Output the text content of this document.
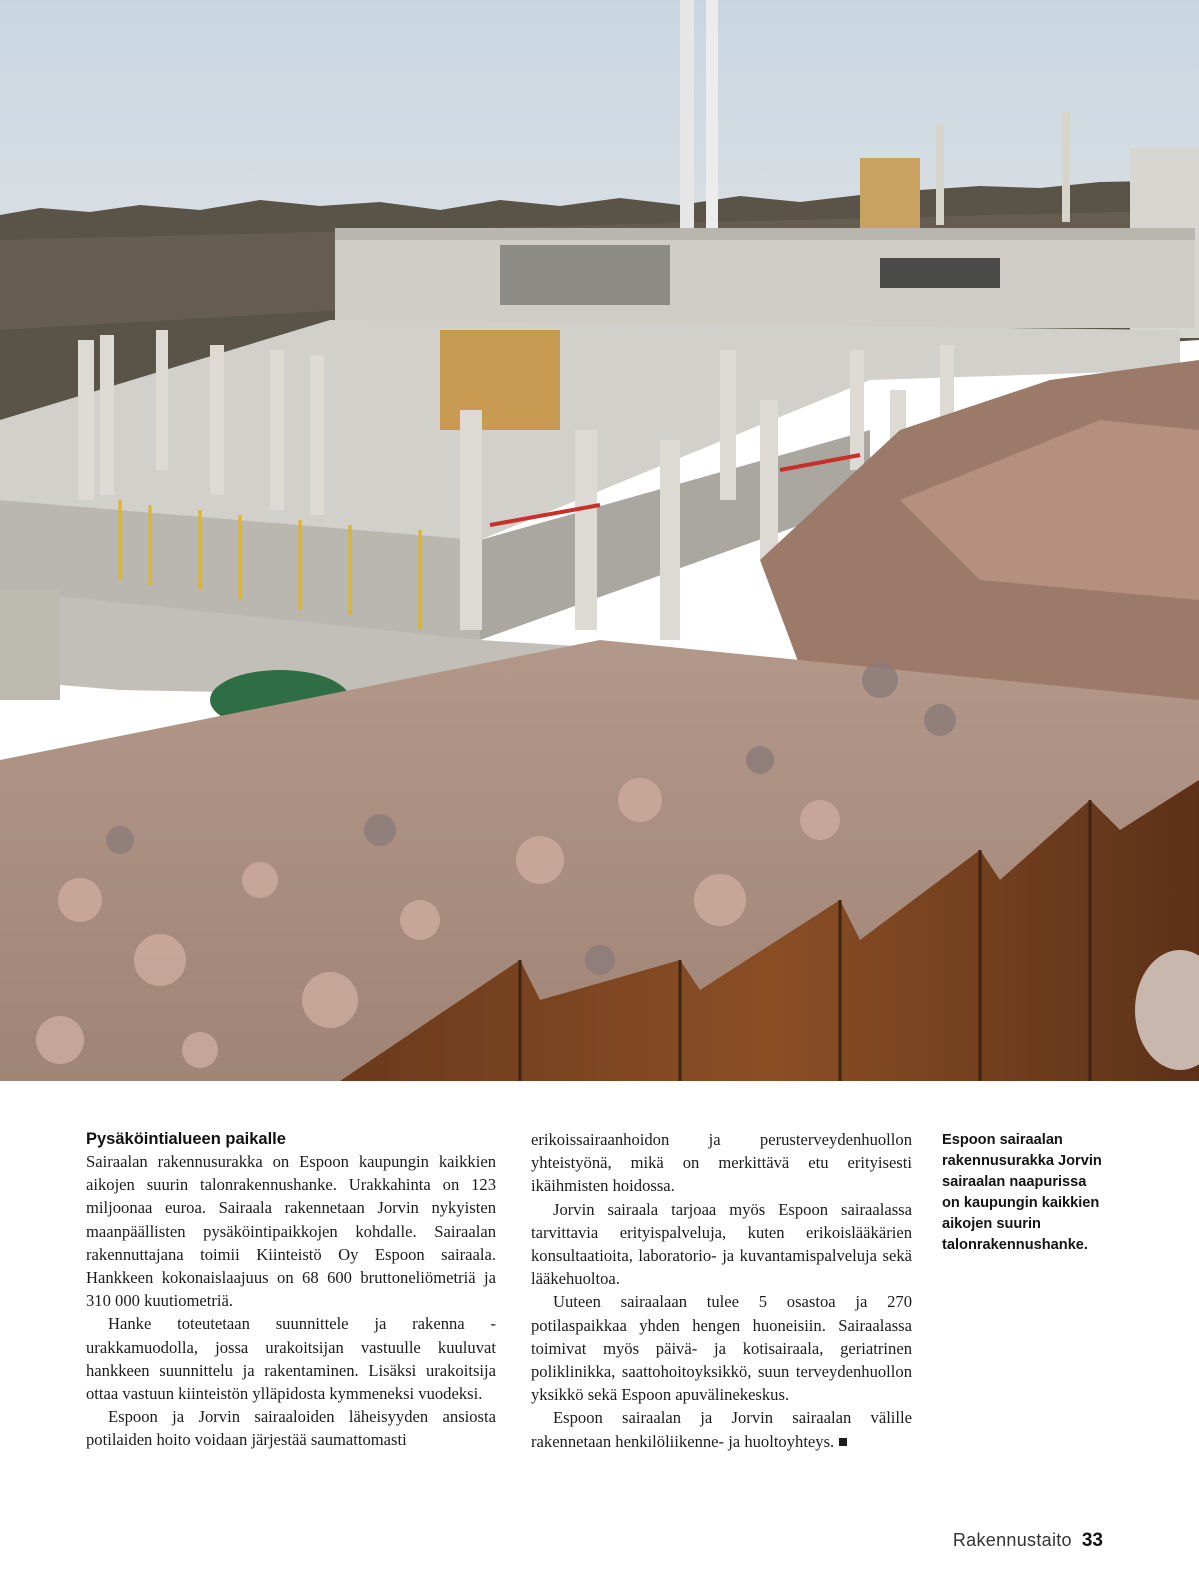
Pysäköintialueen paikalle

Sairaalan rakennusurakka on Espoon kaupungin kaikkien aikojen suurin talonrakennushanke. Urakkahinta on 123 miljoonaa euroa. Sairaala rakennetaan Jorvin nykyisten maanpäällisten pysäköintipaikkojen kohdalle. Sairaalan rakennuttajana toimii Kiinteistö Oy Espoon sairaala. Hankkeen kokonaislaajuus on 68 600 bruttoneliömetriä ja 310 000 kuutiometriä.

Hanke toteutetaan suunnittele ja rakenna -urakkamuodolla, jossa urakoitsijan vastuulle kuuluvat hankkeen suunnittelu ja rakentaminen. Lisäksi urakoitsija ottaa vastuun kiinteistön ylläpidosta kymmeneksi vuodeksi.

Espoon ja Jorvin sairaaloiden läheisyyden ansiosta potilaiden hoito voidaan järjestää saumattomasti

erikoissairaanhoidon ja perusterveydenhuollon yhteistyönä, mikä on merkittävä etu erityisesti ikäihmisten hoidossa.

Jorvin sairaala tarjoaa myös Espoon sairaalassa tarvittavia erityispalveluja, kuten erikoislääkärien konsultaatioita, laboratorio- ja kuvantamispalveluja sekä lääkehuoltoa.

Uuteen sairaalaan tulee 5 osastoa ja 270 potilaspaikkaa yhden hengen huoneisiin. Sairaalassa toimivat myös päivä- ja kotisairaala, geriatrinen poliklinikka, saattohoitoyksikkö, suun terveydenhuollon yksikkö sekä Espoon apuvälinekeskus.

Espoon sairaalan ja Jorvin sairaalan välille rakennetaan henkilöliikenne- ja huoltoyhteys.

Espoon sairaalan rakennusurakka Jorvin sairaalan naapurissa on kaupungin kaikkien aikojen suurin talonrakennushanke.

Rakennustaito 33
